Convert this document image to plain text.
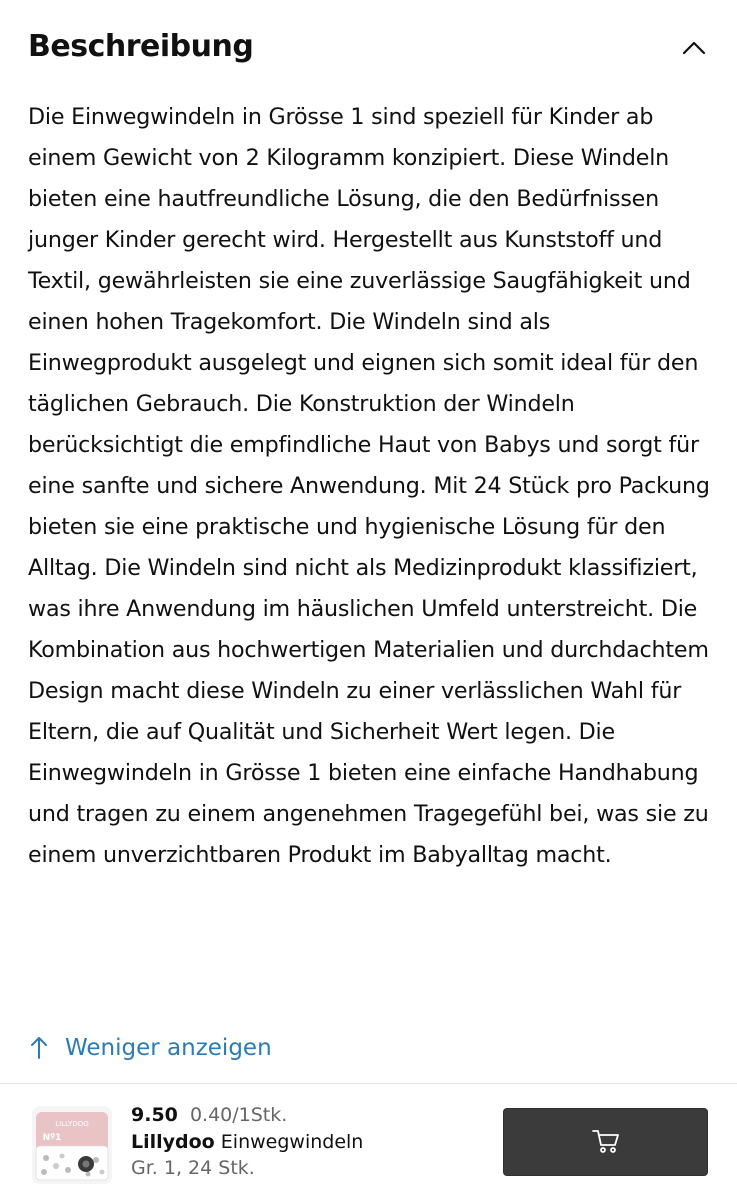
Beschreibung

Die Einwegwindeln in Grösse 1 sind speziell für Kinder ab einem Gewicht von 2 Kilogramm konzipiert. Diese Windeln bieten eine hautfreundliche Lösung, die den Bedürfnissen junger Kinder gerecht wird. Hergestellt aus Kunststoff und Textil, gewährleisten sie eine zuverlässige Saugfähigkeit und einen hohen Tragekomfort. Die Windeln sind als Einwegprodukt ausgelegt und eignen sich somit ideal für den täglichen Gebrauch. Die Konstruktion der Windeln berücksichtigt die empfindliche Haut von Babys und sorgt für eine sanfte und sichere Anwendung. Mit 24 Stück pro Packung bieten sie eine praktische und hygienische Lösung für den Alltag. Die Windeln sind nicht als Medizinprodukt klassifiziert, was ihre Anwendung im häuslichen Umfeld unterstreicht. Die Kombination aus hochwertigen Materialien und durchdachtem Design macht diese Windeln zu einer verlässlichen Wahl für Eltern, die auf Qualität und Sicherheit Wert legen. Die Einwegwindeln in Grösse 1 bieten eine einfache Handhabung und tragen zu einem angenehmen Tragegefühl bei, was sie zu einem unverzichtbaren Produkt im Babyalltag macht.

Weniger anzeigen
LILLYDOO
Nº1
9.50 0.40/1Stk.
Lillydoo Einwegwindeln
Gr. 1, 24 Stk.
